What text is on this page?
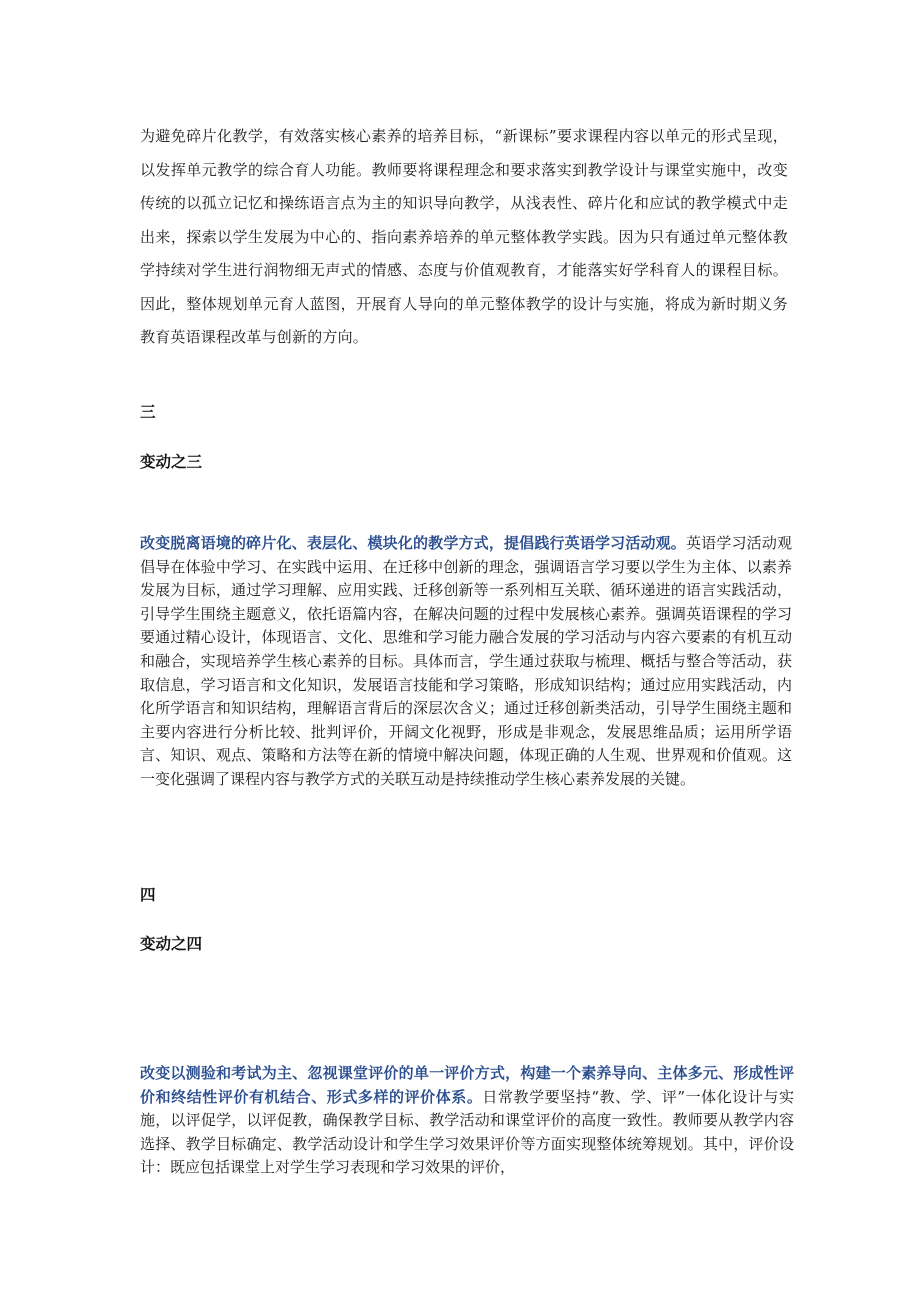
为避免碎片化教学，有效落实核心素养的培养目标，“新课标”要求课程内容以单元的形式呈现，以发挥单元教学的综合育人功能。教师要将课程理念和要求落实到教学设计与课堂实施中，改变传统的以孤立记忆和操练语言点为主的知识导向教学，从浅表性、碎片化和应试的教学模式中走出来，探索以学生发展为中心的、指向素养培养的单元整体教学实践。因为只有通过单元整体教学持续对学生进行润物细无声式的情感、态度与价值观教育，才能落实好学科育人的课程目标。因此，整体规划单元育人蓝图，开展育人导向的单元整体教学的设计与实施，将成为新时期义务教育英语课程改革与创新的方向。
三
变动之三
改变脱离语境的碎片化、表层化、模块化的教学方式，提倡践行英语学习活动观。英语学习活动观倡导在体验中学习、在实践中运用、在迁移中创新的理念，强调语言学习要以学生为主体、以素养发展为目标，通过学习理解、应用实践、迁移创新等一系列相互关联、循环递进的语言实践活动，引导学生围绕主题意义，依托语篇内容，在解决问题的过程中发展核心素养。强调英语课程的学习要通过精心设计，体现语言、文化、思维和学习能力融合发展的学习活动与内容六要素的有机互动和融合，实现培养学生核心素养的目标。具体而言，学生通过获取与梳理、概括与整合等活动，获取信息，学习语言和文化知识，发展语言技能和学习策略，形成知识结构；通过应用实践活动，内化所学语言和知识结构，理解语言背后的深层次含义；通过迁移创新类活动，引导学生围绕主题和主要内容进行分析比较、批判评价，开阔文化视野，形成是非观念，发展思维品质；运用所学语言、知识、观点、策略和方法等在新的情境中解决问题，体现正确的人生观、世界观和价值观。这一变化强调了课程内容与教学方式的关联互动是持续推动学生核心素养发展的关键。
四
变动之四
改变以测验和考试为主、忽视课堂评价的单一评价方式，构建一个素养导向、主体多元、形成性评价和终结性评价有机结合、形式多样的评价体系。日常教学要坚持“教、学、评”一体化设计与实施，以评促学，以评促教，确保教学目标、教学活动和课堂评价的高度一致性。教师要从教学内容选择、教学目标确定、教学活动设计和学生学习效果评价等方面实现整体统筹规划。其中，评价设计：既应包括课堂上对学生学习表现和学习效果的评价，
